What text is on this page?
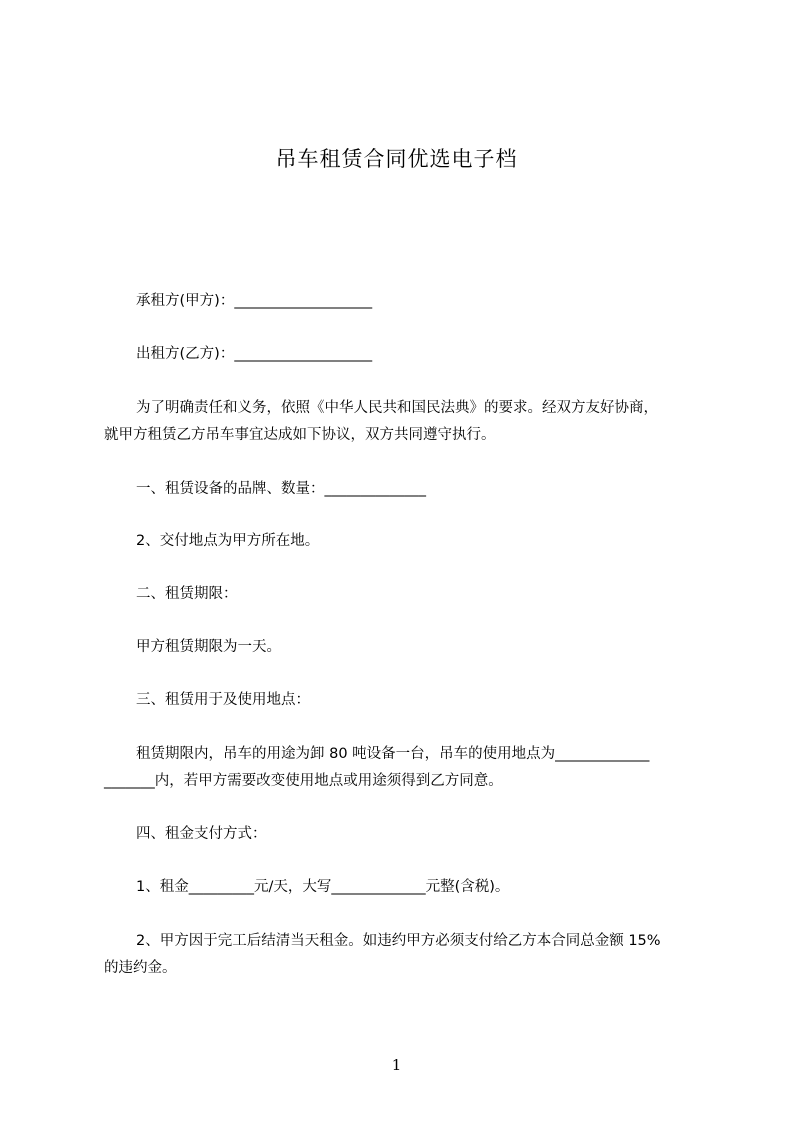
吊车租赁合同优选电子档
承租方(甲方)：___________________
出租方(乙方)：___________________
为了明确责任和义务，依照《中华人民共和国民法典》的要求。经双方友好协商，
就甲方租赁乙方吊车事宜达成如下协议，双方共同遵守执行。
一、租赁设备的品牌、数量：______________
2、交付地点为甲方所在地。
二、租赁期限：
甲方租赁期限为一天。
三、租赁用于及使用地点：
租赁期限内，吊车的用途为卸 80 吨设备一台，吊车的使用地点为_____________
_______内，若甲方需要改变使用地点或用途须得到乙方同意。
四、租金支付方式：
1、租金_________元/天，大写_____________元整(含税)。
2、甲方因于完工后结清当天租金。如违约甲方必须支付给乙方本合同总金额 15%
的违约金。
1
